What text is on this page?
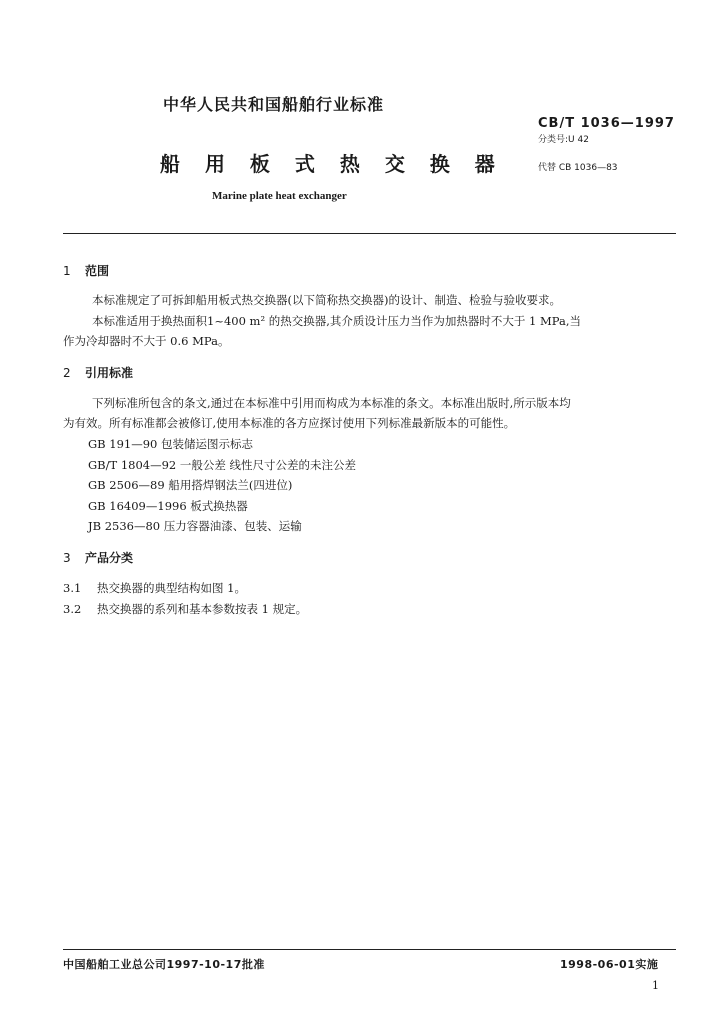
中华人民共和国船舶行业标准
CB/T 1036—1997
分类号:U 42
船 用 板 式 热 交 换 器	代替 CB 1036—83
Marine plate heat exchanger
1 范围
本标准规定了可拆卸船用板式热交换器(以下简称热交换器)的设计、制造、检验与验收要求。
本标准适用于换热面积1~400 m² 的热交换器,其介质设计压力当作为加热器时不大于 1 MPa,当
作为冷却器时不大于 0.6 MPa。
2 引用标准
下列标准所包含的条文,通过在本标准中引用而构成为本标准的条文。本标准出版时,所示版本均
为有效。所有标准都会被修订,使用本标准的各方应探讨使用下列标准最新版本的可能性。
GB 191—90 包装储运图示标志
GB/T 1804—92 一般公差 线性尺寸公差的未注公差
GB 2506—89 船用搭焊钢法兰(四进位)
GB 16409—1996 板式换热器
JB 2536—80 压力容器油漆、包装、运输
3 产品分类
3.1 热交换器的典型结构如图 1。
3.2 热交换器的系列和基本参数按表 1 规定。
中国船舶工业总公司1997-10-17批准	1998-06-01实施
1
